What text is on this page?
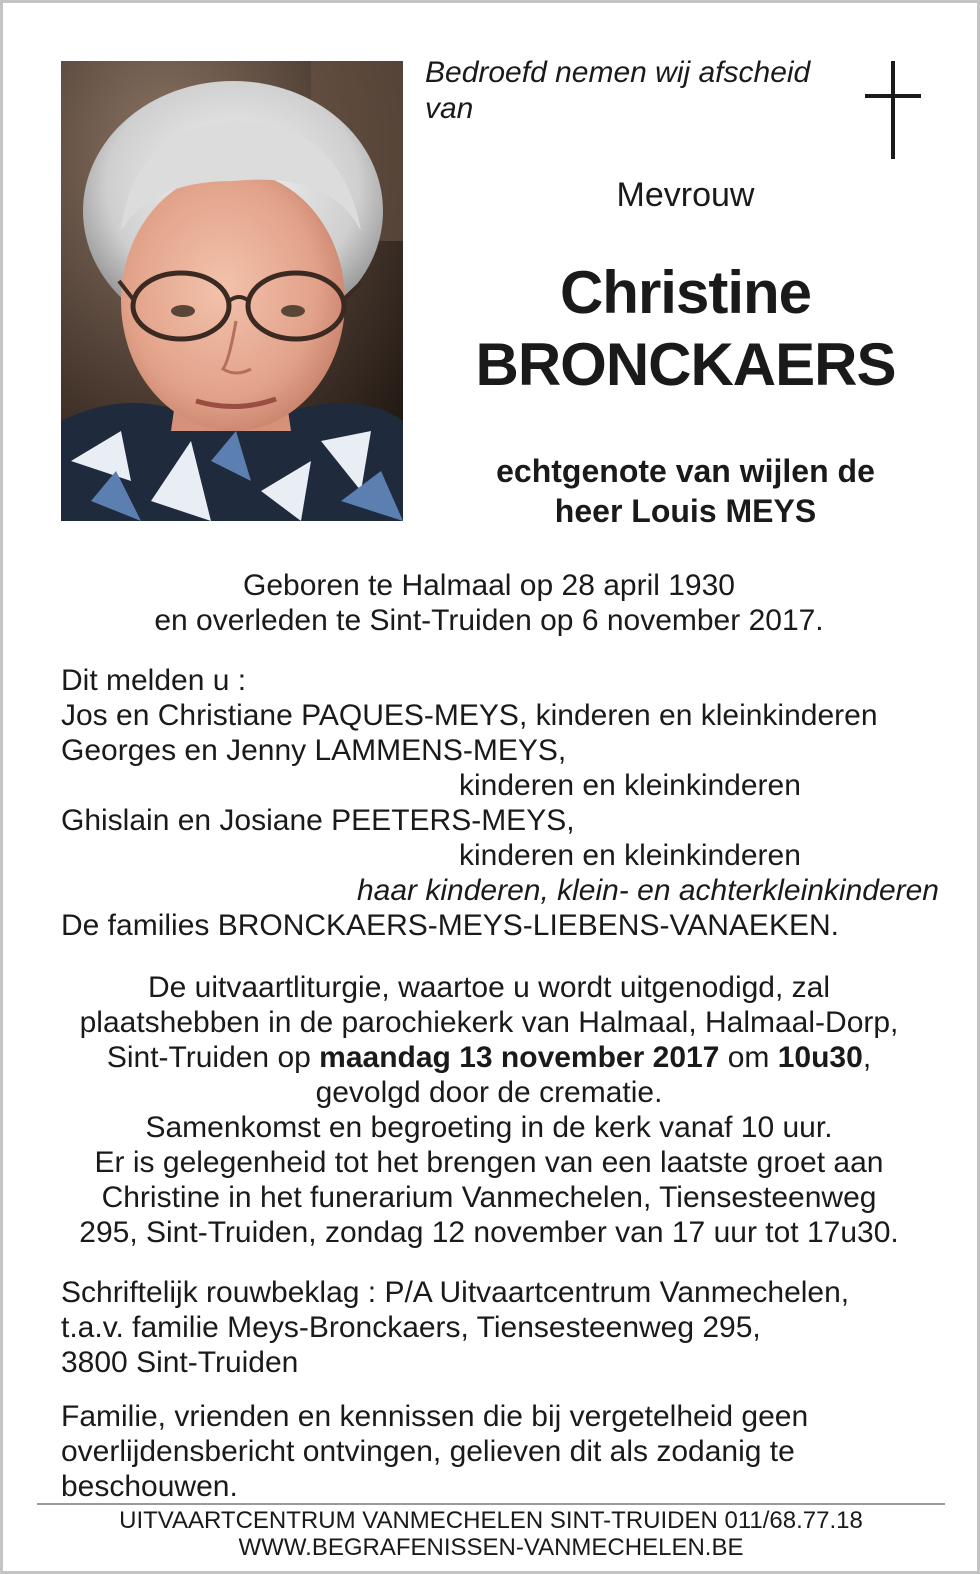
Bedroefd nemen wij afscheid
van
Mevrouw
Christine
BRONCKAERS
echtgenote van wijlen de
heer Louis MEYS
Geboren te Halmaal op 28 april 1930
en overleden te Sint-Truiden op 6 november 2017.
Dit melden u :
Jos en Christiane PAQUES-MEYS, kinderen en kleinkinderen
Georges en Jenny LAMMENS-MEYS,
kinderen en kleinkinderen
Ghislain en Josiane PEETERS-MEYS,
kinderen en kleinkinderen
haar kinderen, klein- en achterkleinkinderen
De families BRONCKAERS-MEYS-LIEBENS-VANAEKEN.
De uitvaartliturgie, waartoe u wordt uitgenodigd, zal
plaatshebben in de parochiekerk van Halmaal, Halmaal-Dorp,
Sint-Truiden op maandag 13 november 2017 om 10u30,
gevolgd door de crematie.
Samenkomst en begroeting in de kerk vanaf 10 uur.
Er is gelegenheid tot het brengen van een laatste groet aan
Christine in het funerarium Vanmechelen, Tiensesteenweg
295, Sint-Truiden, zondag 12 november van 17 uur tot 17u30.
Schriftelijk rouwbeklag : P/A Uitvaartcentrum Vanmechelen,
t.a.v. familie Meys-Bronckaers, Tiensesteenweg 295,
3800 Sint-Truiden
Familie, vrienden en kennissen die bij vergetelheid geen
overlijdensbericht ontvingen, gelieven dit als zodanig te
beschouwen.
UITVAARTCENTRUM VANMECHELEN SINT-TRUIDEN 011/68.77.18
WWW.BEGRAFENISSEN-VANMECHELEN.BE
